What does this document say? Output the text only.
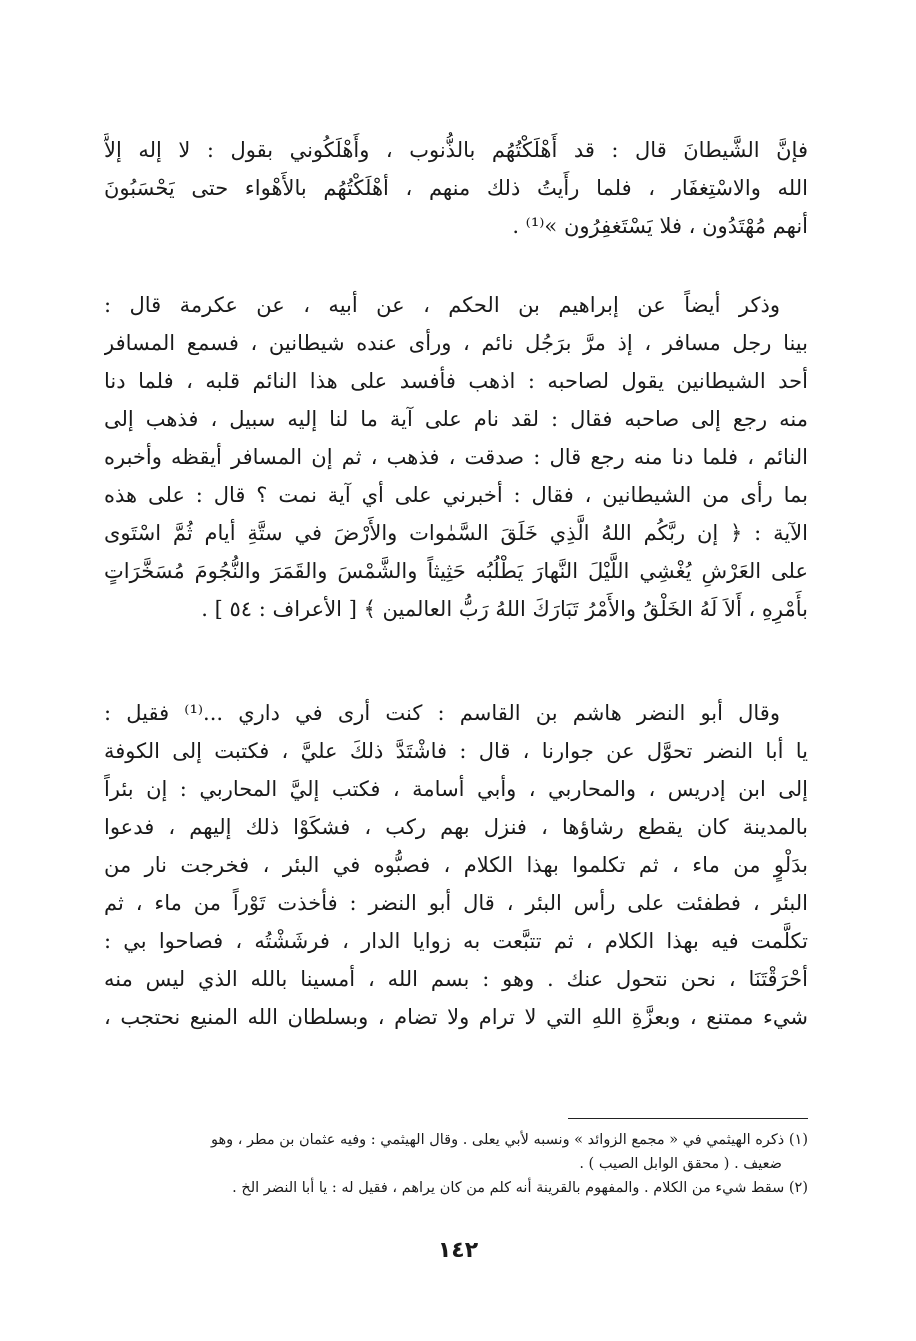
فإنَّ الشَّيطانَ قال : قد أَهْلَكْتُهُم بالذُّنوب ، وأَهْلَكُوني بقول : لا إله إلاَّ
الله والاسْتِغفَار ، فلما رأَيتُ ذلك منهم ، أهْلَكْتُهُم بالأَهْواء حتى يَحْسَبُونَ
أنهم مُهْتَدُون ، فلا يَسْتَغفِرُون »⁽¹⁾ .
وذكر أيضاً عن إبراهيم بن الحكم ، عن أبيه ، عن عكرمة قال :
بينا رجل مسافر ، إذ مرَّ برَجُل نائم ، ورأى عنده شيطانين ، فسمع المسافر
أحد الشيطانين يقول لصاحبه : اذهب فأفسد على هذا النائم قلبه ، فلما دنا
منه رجع إلى صاحبه فقال : لقد نام على آية ما لنا إليه سبيل ، فذهب إلى
النائم ، فلما دنا منه رجع قال : صدقت ، فذهب ، ثم إن المسافر أيقظه وأخبره
بما رأى من الشيطانين ، فقال : أخبرني على أي آية نمت ؟ قال : على هذه
الآية : ﴿ إن ربَّكُم اللهُ الَّذِي خَلَقَ السَّمٰوات والأَرْضَ في ستَّةِ أيام ثُمَّ اسْتَوى
على العَرْشِ يُغْشِي اللَّيْلَ النَّهارَ يَطْلُبُه حَثِيثاً والشَّمْسَ والقَمَرَ والنُّجُومَ مُسَخَّرَاتٍ
بأَمْرِهِ ، أَلاَ لَهُ الخَلْقُ والأَمْرُ تَبَارَكَ اللهُ رَبُّ العالمين ﴾ [ الأعراف : ٥٤ ] .
وقال أبو النضر هاشم بن القاسم : كنت أرى في داري ...⁽¹⁾ فقيل :
يا أبا النضر تحوَّل عن جوارنا ، قال : فاشْتَدَّ ذلكَ عليَّ ، فكتبت إلى الكوفة
إلى ابن إدريس ، والمحاربي ، وأبي أسامة ، فكتب إليَّ المحاربي : إن بئراً
بالمدينة كان يقطع رشاؤها ، فنزل بهم ركب ، فشكَوْا ذلك إليهم ، فدعوا
بدَلْوٍ من ماء ، ثم تكلموا بهذا الكلام ، فصبُّوه في البئر ، فخرجت نار من
البئر ، فطفئت على رأس البئر ، قال أبو النضر : فأخذت تَوْراً من ماء ، ثم
تكلَّمت فيه بهذا الكلام ، ثم تتبَّعت به زوايا الدار ، فرشَشْتُه ، فصاحوا بي :
أحْرَقْتَنَا ، نحن نتحول عنك . وهو : بسم الله ، أمسينا بالله الذي ليس منه
شيء ممتنع ، وبعزَّةِ اللهِ التي لا ترام ولا تضام ، وبسلطان الله المنيع نحتجب ،
(١) ذكره الهيثمي في « مجمع الزوائد » ونسبه لأبي يعلى . وقال الهيثمي : وفيه عثمان بن مطر ، وهو
ضعيف . ( محقق الوابل الصيب ) .
(٢) سقط شيء من الكلام . والمفهوم بالقرينة أنه كلم من كان يراهم ، فقيل له : يا أبا النضر الخ .
١٤٢
